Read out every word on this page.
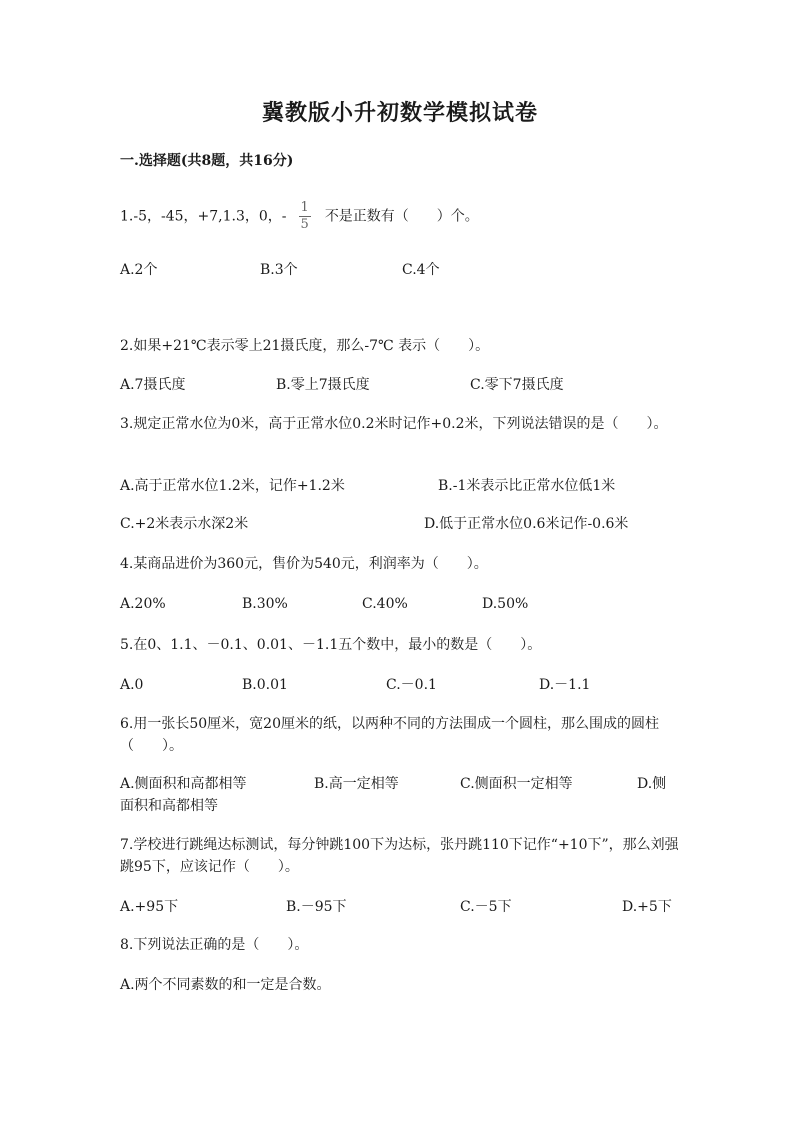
冀教版小升初数学模拟试卷
一.选择题(共8题，共16分)
1.-5，-45，+7,1.3，0，- $\frac{1}{5}$ 不是正数有（　　）个。
A.2个	B.3个	C.4个
2.如果+21℃表示零上21摄氏度，那么-7℃ 表示（　　）。
A.7摄氏度	B.零上7摄氏度	C.零下7摄氏度
3.规定正常水位为0米，高于正常水位0.2米时记作+0.2米，下列说法错误的是（　　）。
A.高于正常水位1.2米，记作+1.2米	B.-1米表示比正常水位低1米
C.+2米表示水深2米	D.低于正常水位0.6米记作-0.6米
4.某商品进价为360元，售价为540元，利润率为（　　）。
A.20%	B.30%	C.40%	D.50%
5.在0、1.1、－0.1、0.01、－1.1五个数中，最小的数是（　　）。
A.0	B.0.01	C.－0.1	D.－1.1
6.用一张长50厘米，宽20厘米的纸，以两种不同的方法围成一个圆柱，那么围成的圆柱（　　）。
A.侧面积和高都相等	B.高一定相等	C.侧面积一定相等	D.侧
面积和高都相等
7.学校进行跳绳达标测试，每分钟跳100下为达标，张丹跳110下记作“+10下”，那么刘强跳95下，应该记作（　　）。
A.+95下	B.－95下	C.－5下	D.+5下
8.下列说法正确的是（　　）。
A.两个不同素数的和一定是合数。
